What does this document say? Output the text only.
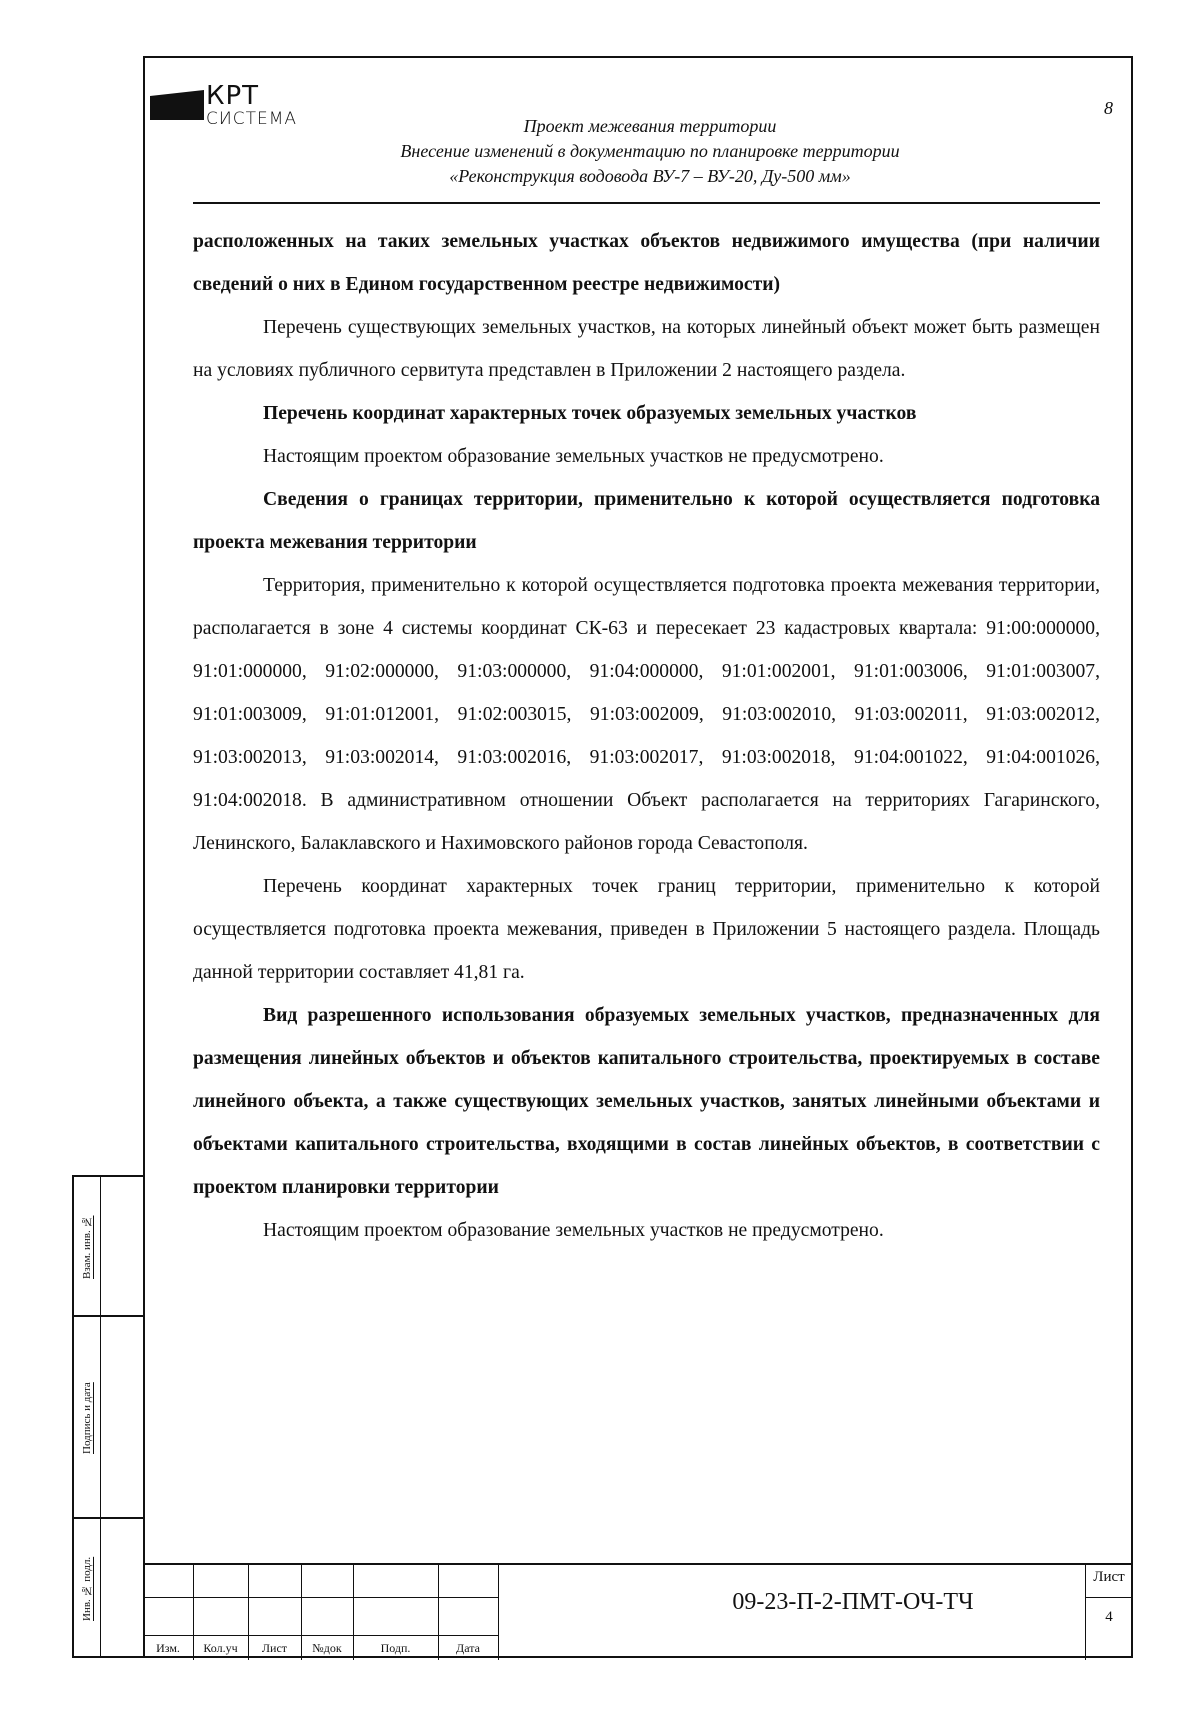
КРТ
СИСТЕМА
8
Проект межевания территории
Внесение изменений в документацию по планировке территории
«Реконструкция водовода ВУ-7 – ВУ-20, Ду-500 мм»

расположенных на таких земельных участках объектов недвижимого имущества (при наличии сведений о них в Едином государственном реестре недвижимости)

Перечень существующих земельных участков, на которых линейный объект может быть размещен на условиях публичного сервитута представлен в Приложении 2 настоящего раздела.

Перечень координат характерных точек образуемых земельных участков

Настоящим проектом образование земельных участков не предусмотрено.

Сведения о границах территории, применительно к которой осуществляется подготовка проекта межевания территории

Территория, применительно к которой осуществляется подготовка проекта межевания территории, располагается в зоне 4 системы координат СК-63 и пересекает 23 кадастровых квартала: 91:00:000000, 91:01:000000, 91:02:000000, 91:03:000000, 91:04:000000, 91:01:002001, 91:01:003006, 91:01:003007, 91:01:003009, 91:01:012001, 91:02:003015, 91:03:002009, 91:03:002010, 91:03:002011, 91:03:002012, 91:03:002013, 91:03:002014, 91:03:002016, 91:03:002017, 91:03:002018, 91:04:001022, 91:04:001026, 91:04:002018. В административном отношении Объект располагается на территориях Гагаринского, Ленинского, Балаклавского и Нахимовского районов города Севастополя.

Перечень координат характерных точек границ территории, применительно к которой осуществляется подготовка проекта межевания, приведен в Приложении 5 настоящего раздела. Площадь данной территории составляет 41,81 га.

Вид разрешенного использования образуемых земельных участков, предназначенных для размещения линейных объектов и объектов капитального строительства, проектируемых в составе линейного объекта, а также существующих земельных участков, занятых линейными объектами и объектами капитального строительства, входящими в состав линейных объектов, в соответствии с проектом планировки территории

Настоящим проектом образование земельных участков не предусмотрено.

Взам. инв. №
Подпись и дата
Инв. № подл.
Изм.	Кол.уч	Лист	№док	Подп.	Дата
09-23-П-2-ПМТ-ОЧ-ТЧ
Лист
4
